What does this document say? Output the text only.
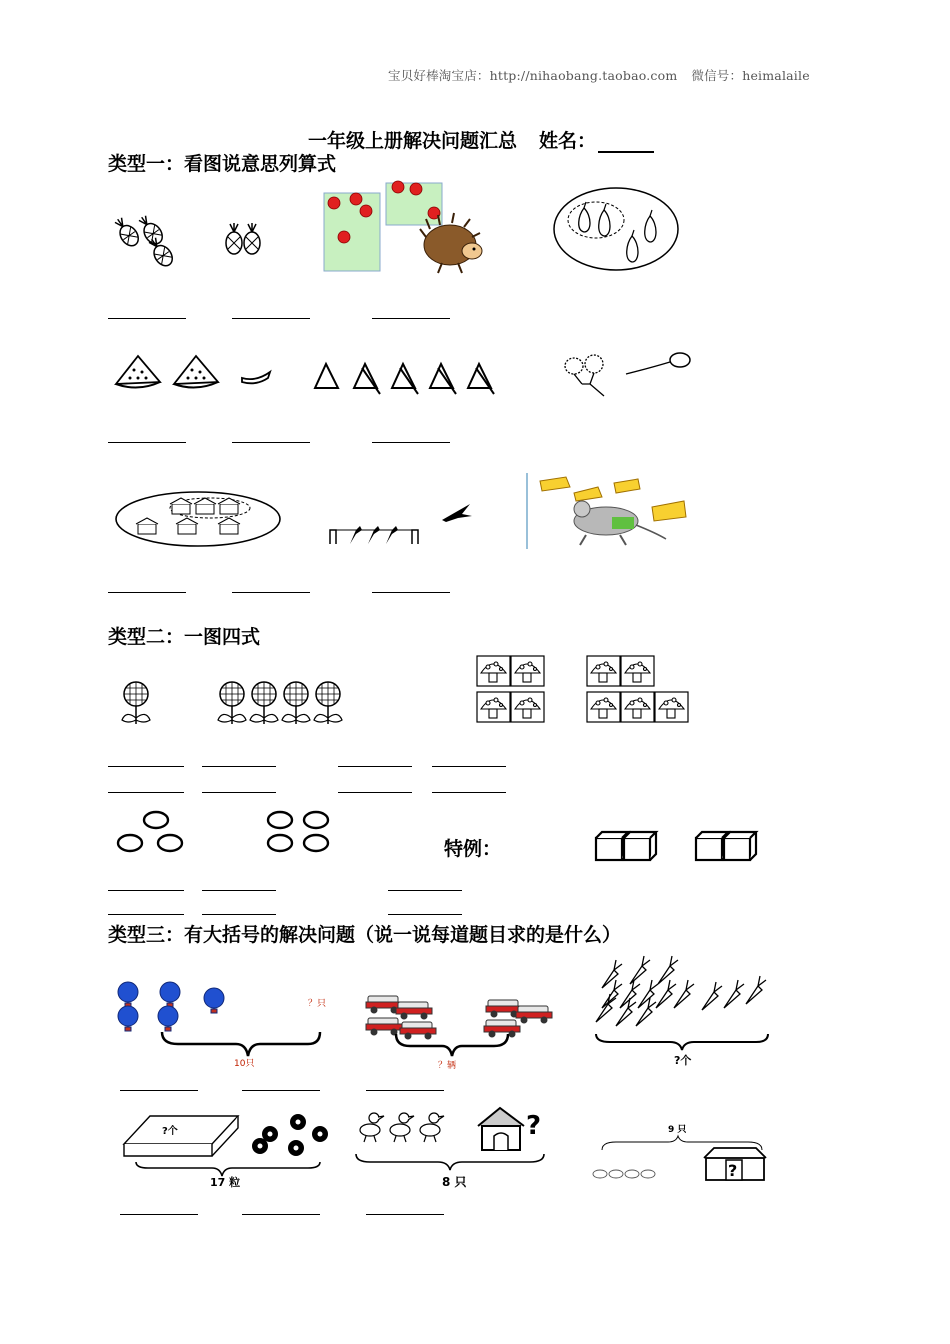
宝贝好棒淘宝店：http://nihaobang.taobao.com 微信号：heimalaile
一年级上册解决问题汇总 姓名：
类型一：看图说意思列算式
类型二：一图四式
特例：
类型三：有大括号的解决问题（说一说每道题目求的是什么）
10只
？只
？辆	?个
?个
17 粒
?
8 只
9 只
?
